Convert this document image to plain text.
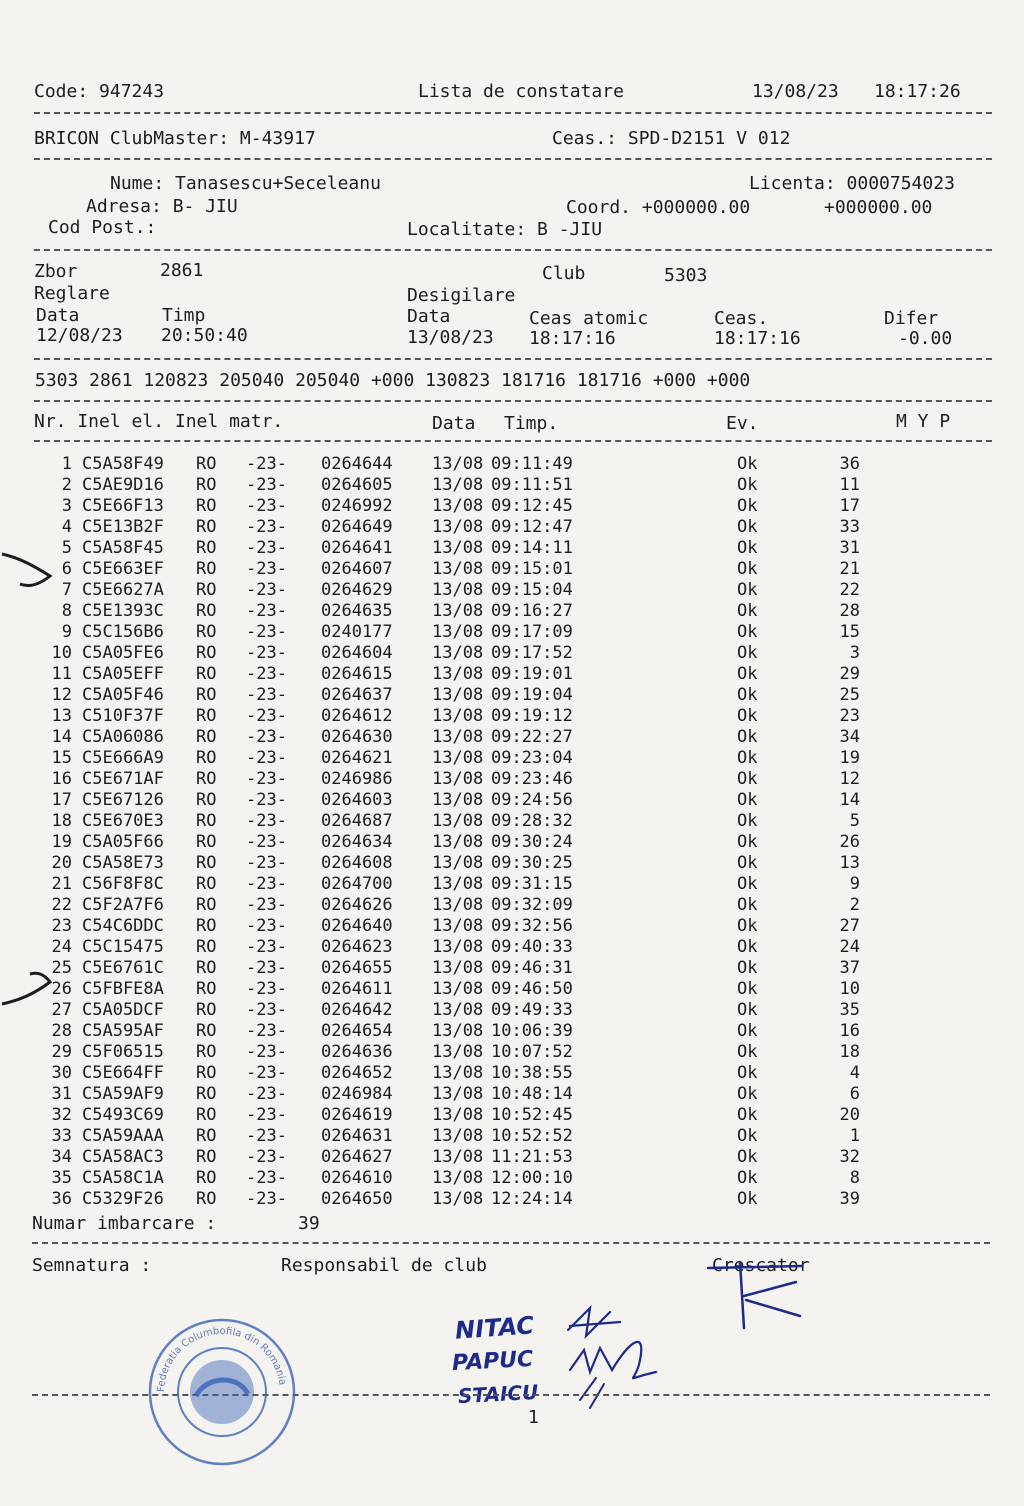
Code: 947243	Lista de constatare	13/08/23 18:17:26
BRICON ClubMaster: M-43917	Ceas.: SPD-D2151 V 012
Nume: Tanasescu+Seceleanu	Licenta: 0000754023
Adresa: B- JIU	Coord. +000000.00	+000000.00
Cod Post.:	Localitate: B -JIU
Zbor	2861	Club	5303
Reglare	Desigilare
Data	Timp	Data	Ceas atomic	Ceas.	Difer
12/08/23 20:50:40	13/08/23 18:17:16	18:17:16	-0.00
5303 2861 120823 205040 205040 +000 130823 181716 181716 +000 +000
Nr. Inel el. Inel matr.	Data Timp.	Ev.	M Y P
1 C5A58F49 RO -23- 0264644 13/08 09:11:49	Ok	36
2 C5AE9D16 RO -23- 0264605 13/08 09:11:51	Ok	11
3 C5E66F13 RO -23- 0246992 13/08 09:12:45	Ok	17
4 C5E13B2F RO -23- 0264649 13/08 09:12:47	Ok	33
5 C5A58F45 RO -23- 0264641 13/08 09:14:11	Ok	31
6 C5E663EF RO -23- 0264607 13/08 09:15:01	Ok	21
7 C5E6627A RO -23- 0264629 13/08 09:15:04	Ok	22
8 C5E1393C RO -23- 0264635 13/08 09:16:27	Ok	28
9 C5C156B6 RO -23- 0240177 13/08 09:17:09	Ok	15
10 C5A05FE6 RO -23- 0264604 13/08 09:17:52	Ok	3
11 C5A05EFF RO -23- 0264615 13/08 09:19:01	Ok	29
12 C5A05F46 RO -23- 0264637 13/08 09:19:04	Ok	25
13 C510F37F RO -23- 0264612 13/08 09:19:12	Ok	23
14 C5A06086 RO -23- 0264630 13/08 09:22:27	Ok	34
15 C5E666A9 RO -23- 0264621 13/08 09:23:04	Ok	19
16 C5E671AF RO -23- 0246986 13/08 09:23:46	Ok	12
17 C5E67126 RO -23- 0264603 13/08 09:24:56	Ok	14
18 C5E670E3 RO -23- 0264687 13/08 09:28:32	Ok	5
19 C5A05F66 RO -23- 0264634 13/08 09:30:24	Ok	26
20 C5A58E73 RO -23- 0264608 13/08 09:30:25	Ok	13
21 C56F8F8C RO -23- 0264700 13/08 09:31:15	Ok	9
22 C5F2A7F6 RO -23- 0264626 13/08 09:32:09	Ok	2
23 C54C6DDC RO -23- 0264640 13/08 09:32:56	Ok	27
24 C5C15475 RO -23- 0264623 13/08 09:40:33	Ok	24
25 C5E6761C RO -23- 0264655 13/08 09:46:31	Ok	37
26 C5FBFE8A RO -23- 0264611 13/08 09:46:50	Ok	10
27 C5A05DCF RO -23- 0264642 13/08 09:49:33	Ok	35
28 C5A595AF RO -23- 0264654 13/08 10:06:39	Ok	16
29 C5F06515 RO -23- 0264636 13/08 10:07:52	Ok	18
30 C5E664FF RO -23- 0264652 13/08 10:38:55	Ok	4
31 C5A59AF9 RO -23- 0246984 13/08 10:48:14	Ok	6
32 C5493C69 RO -23- 0264619 13/08 10:52:45	Ok	20
33 C5A59AAA RO -23- 0264631 13/08 10:52:52	Ok	1
34 C5A58AC3 RO -23- 0264627 13/08 11:21:53	Ok	32
35 C5A58C1A RO -23- 0264610 13/08 12:00:10	Ok	8
36 C5329F26 RO -23- 0264650 13/08 12:24:14	Ok	39
Numar imbarcare :	39
Semnatura :	Responsabil de club	Crescator
NITAC
PAPUC
STAICU
1
Federatia Columbofila din Romania
